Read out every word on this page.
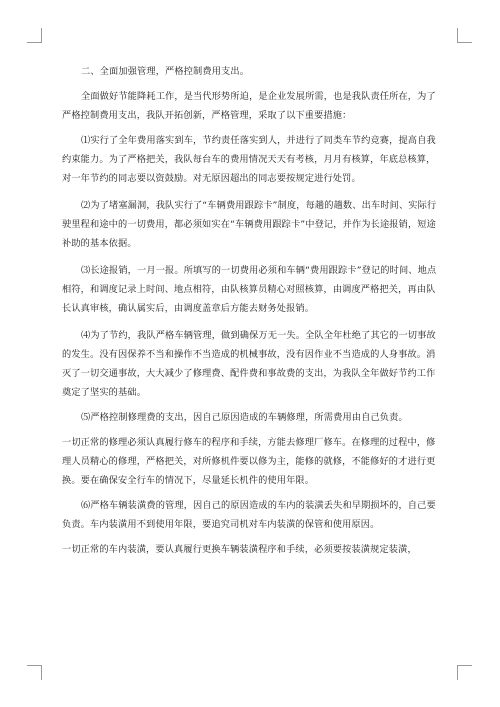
二、全面加强管理，严格控制费用支出。

全面做好节能降耗工作，是当代形势所迫，是企业发展所需，也是我队责任所在，为了严格控制费用支出，我队开拓创新，严格管理，采取了以下重要措施：

⑴实行了全年费用落实到车，节约责任落实到人，并进行了同类车节约竞赛，提高自我约束能力。为了严格把关，我队每台车的费用情况天天有考核，月月有核算，年底总核算，对一年节约的同志要以资鼓励。对无原因超出的同志要按规定进行处罚。

⑵为了堵塞漏洞，我队实行了“车辆费用跟踪卡”制度，每趟的趟数、出车时间、实际行驶里程和途中的一切费用，都必须如实在“车辆费用跟踪卡”中登记，并作为长途报销，短途补助的基本依据。

⑶长途报销，一月一报。所填写的一切费用必须和车辆“费用跟踪卡”登记的时间、地点相符，和调度记录上时间、地点相符，由队核算员精心对照核算，由调度严格把关，再由队长认真审核，确认属实后，由调度盖章后方能去财务处报销。

⑷为了节约，我队严格车辆管理，做到确保万无一失。全队全年杜绝了其它的一切事故的发生。没有因保养不当和操作不当造成的机械事故，没有因作业不当造成的人身事故。消灭了一切交通事故，大大减少了修理费、配件费和事故费的支出，为我队全年做好节约工作奠定了坚实的基础。

⑸严格控制修理费的支出，因自己原因造成的车辆修理，所需费用由自己负责。

一切正常的修理必须认真履行修车的程序和手续，方能去修理厂修车。在修理的过程中，修理人员精心的修理，严格把关，对所修机件要以修为主，能修的就修，不能修好的才进行更换。要在确保安全行车的情况下，尽量延长机件的使用年限。

⑹严格车辆装潢费的管理，因自己的原因造成的车内的装潢丢失和早期损坏的，自己要负责。车内装潢用不到使用年限，要追究司机对车内装潢的保管和使用原因。

一切正常的车内装潢，要认真履行更换车辆装潢程序和手续，必须要按装潢规定装潢，
